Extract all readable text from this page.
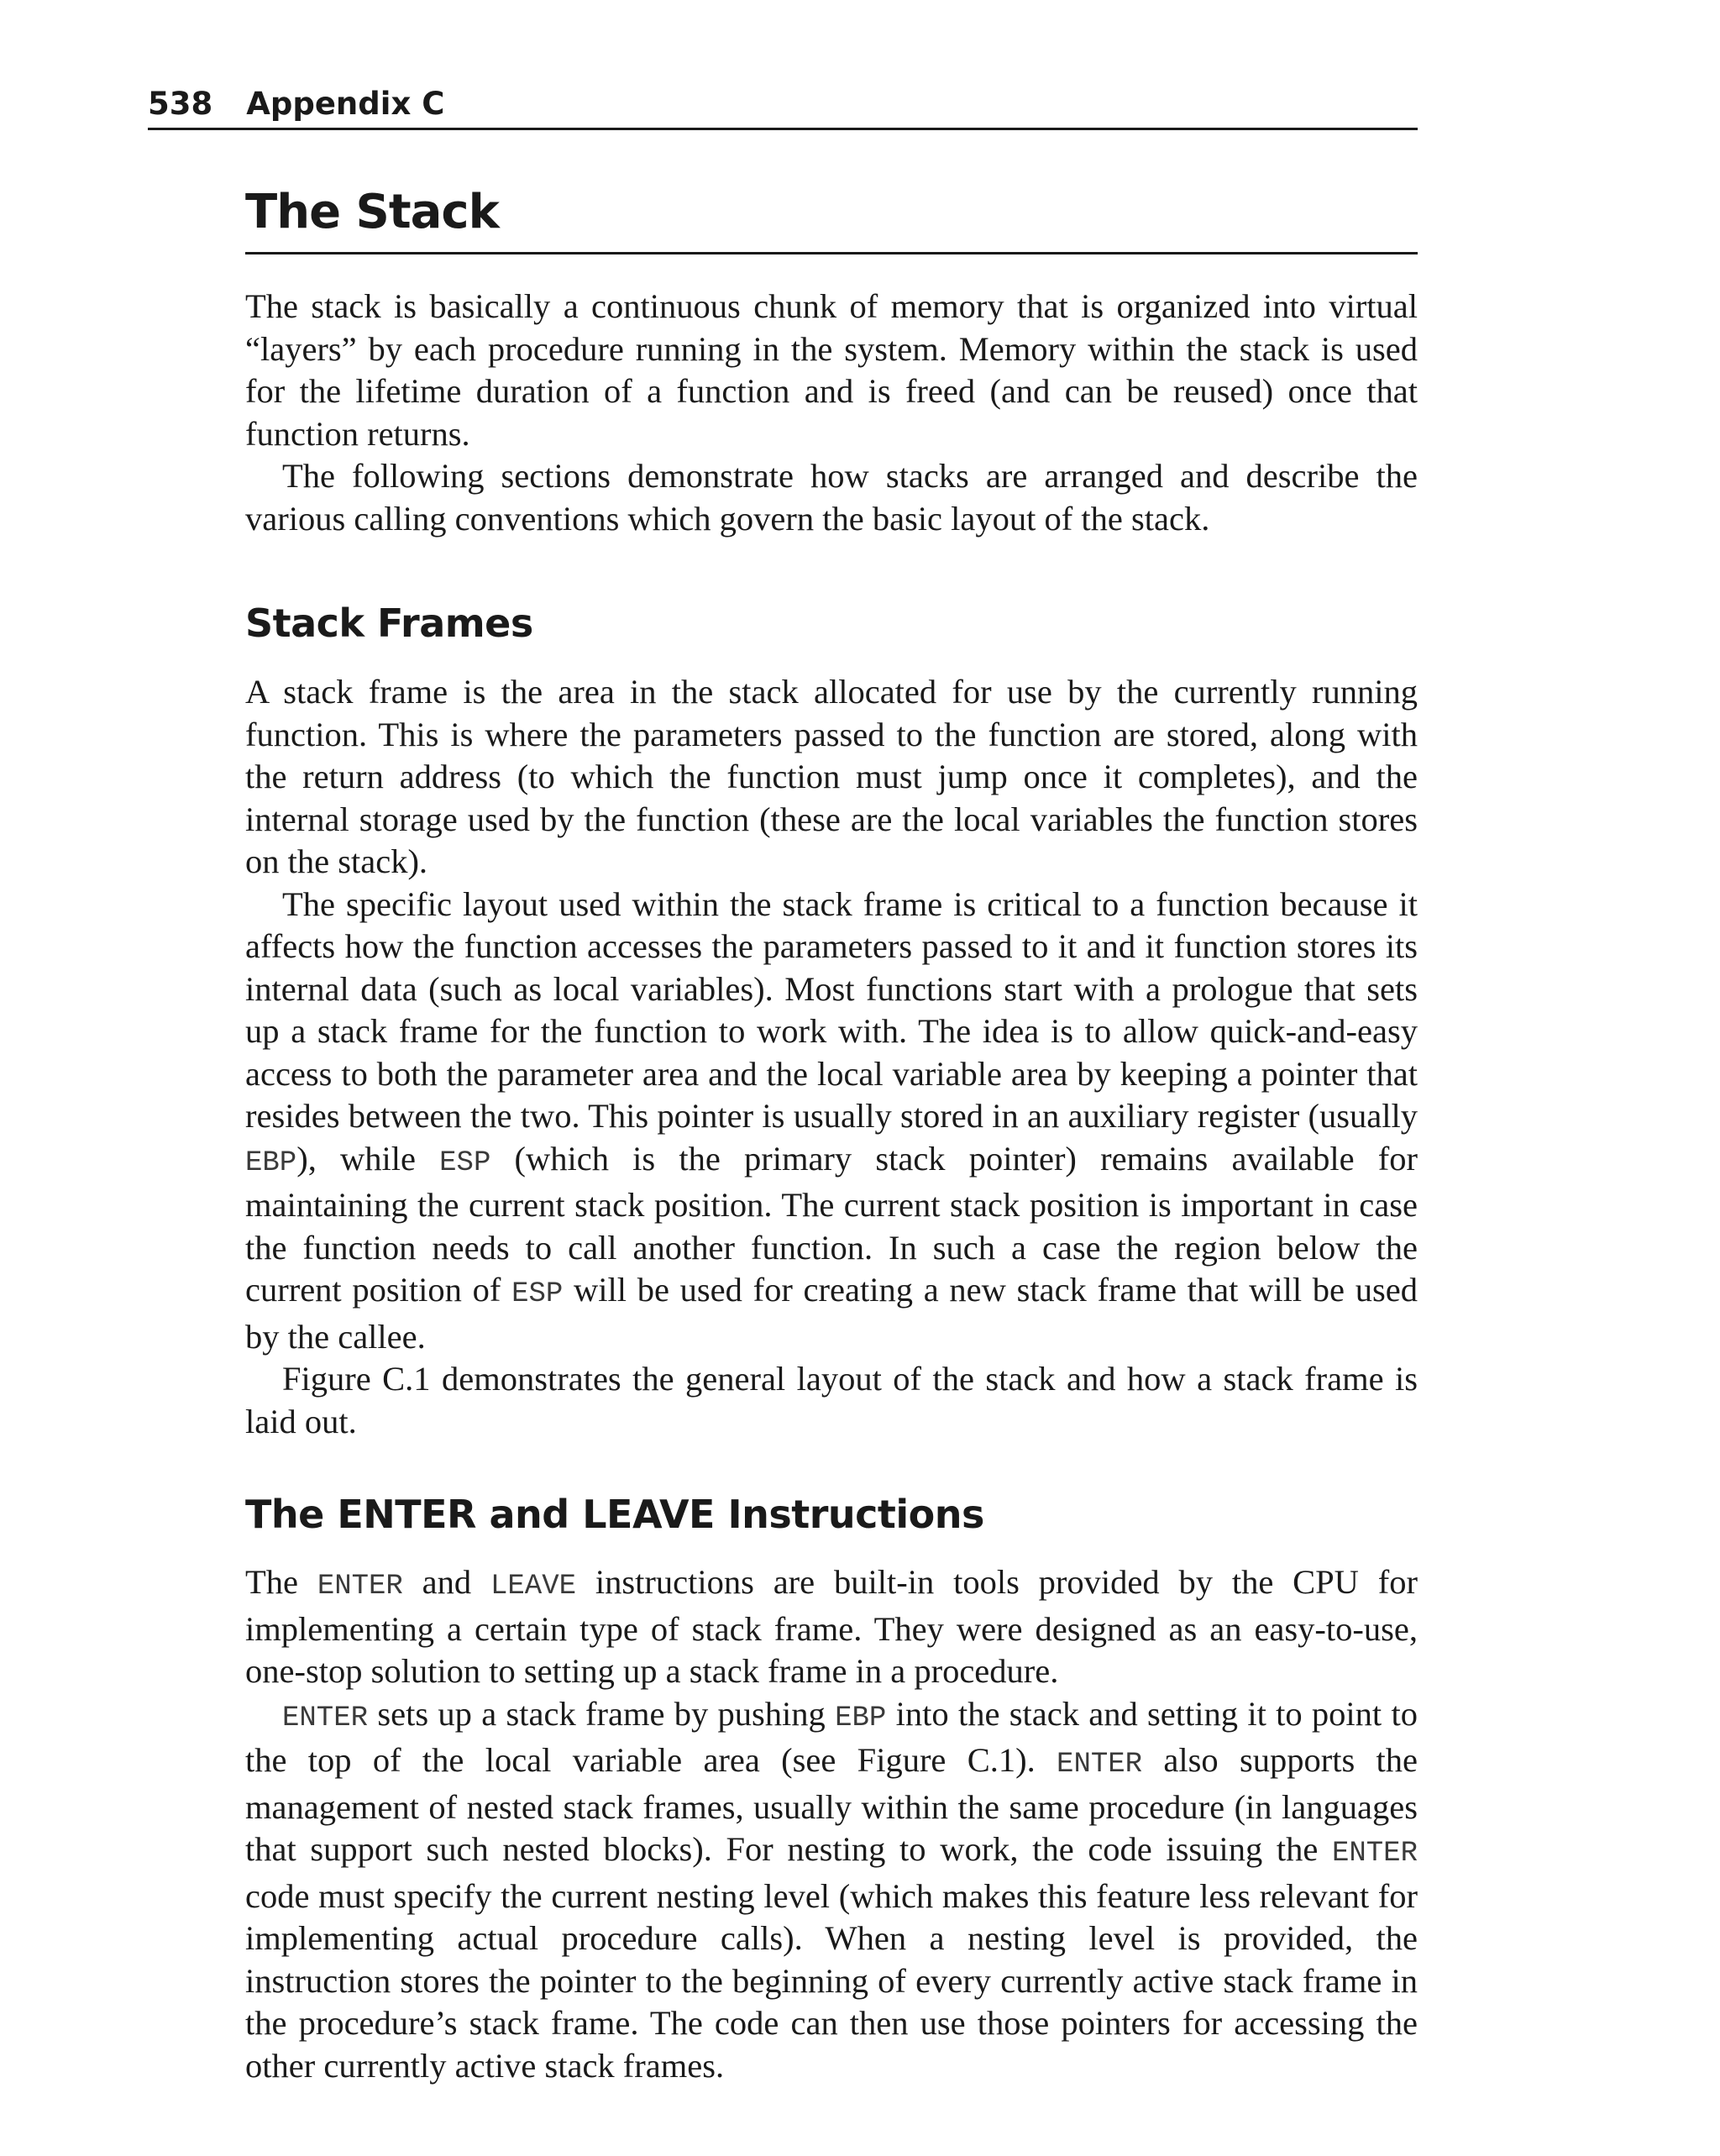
538 Appendix C
The Stack

The stack is basically a continuous chunk of memory that is organized into virtual “layers” by each procedure running in the system. Memory within the stack is used for the lifetime duration of a function and is freed (and can be reused) once that function returns.

The following sections demonstrate how stacks are arranged and describe the various calling conventions which govern the basic layout of the stack.

Stack Frames

A stack frame is the area in the stack allocated for use by the currently running function. This is where the parameters passed to the function are stored, along with the return address (to which the function must jump once it completes), and the internal storage used by the function (these are the local variables the function stores on the stack).

The specific layout used within the stack frame is critical to a function because it affects how the function accesses the parameters passed to it and it function stores its internal data (such as local variables). Most functions start with a prologue that sets up a stack frame for the function to work with. The idea is to allow quick-and-easy access to both the parameter area and the local variable area by keeping a pointer that resides between the two. This pointer is usually stored in an auxiliary register (usually EBP), while ESP (which is the primary stack pointer) remains available for maintaining the current stack position. The current stack position is important in case the function needs to call another function. In such a case the region below the current position of ESP will be used for creating a new stack frame that will be used by the callee.

Figure C.1 demonstrates the general layout of the stack and how a stack frame is laid out.

The ENTER and LEAVE Instructions

The ENTER and LEAVE instructions are built-in tools provided by the CPU for implementing a certain type of stack frame. They were designed as an easy-to-use, one-stop solution to setting up a stack frame in a procedure.

ENTER sets up a stack frame by pushing EBP into the stack and setting it to point to the top of the local variable area (see Figure C.1). ENTER also supports the management of nested stack frames, usually within the same procedure (in languages that support such nested blocks). For nesting to work, the code issuing the ENTER code must specify the current nesting level (which makes this feature less relevant for implementing actual procedure calls). When a nesting level is provided, the instruction stores the pointer to the beginning of every currently active stack frame in the procedure’s stack frame. The code can then use those pointers for accessing the other currently active stack frames.
